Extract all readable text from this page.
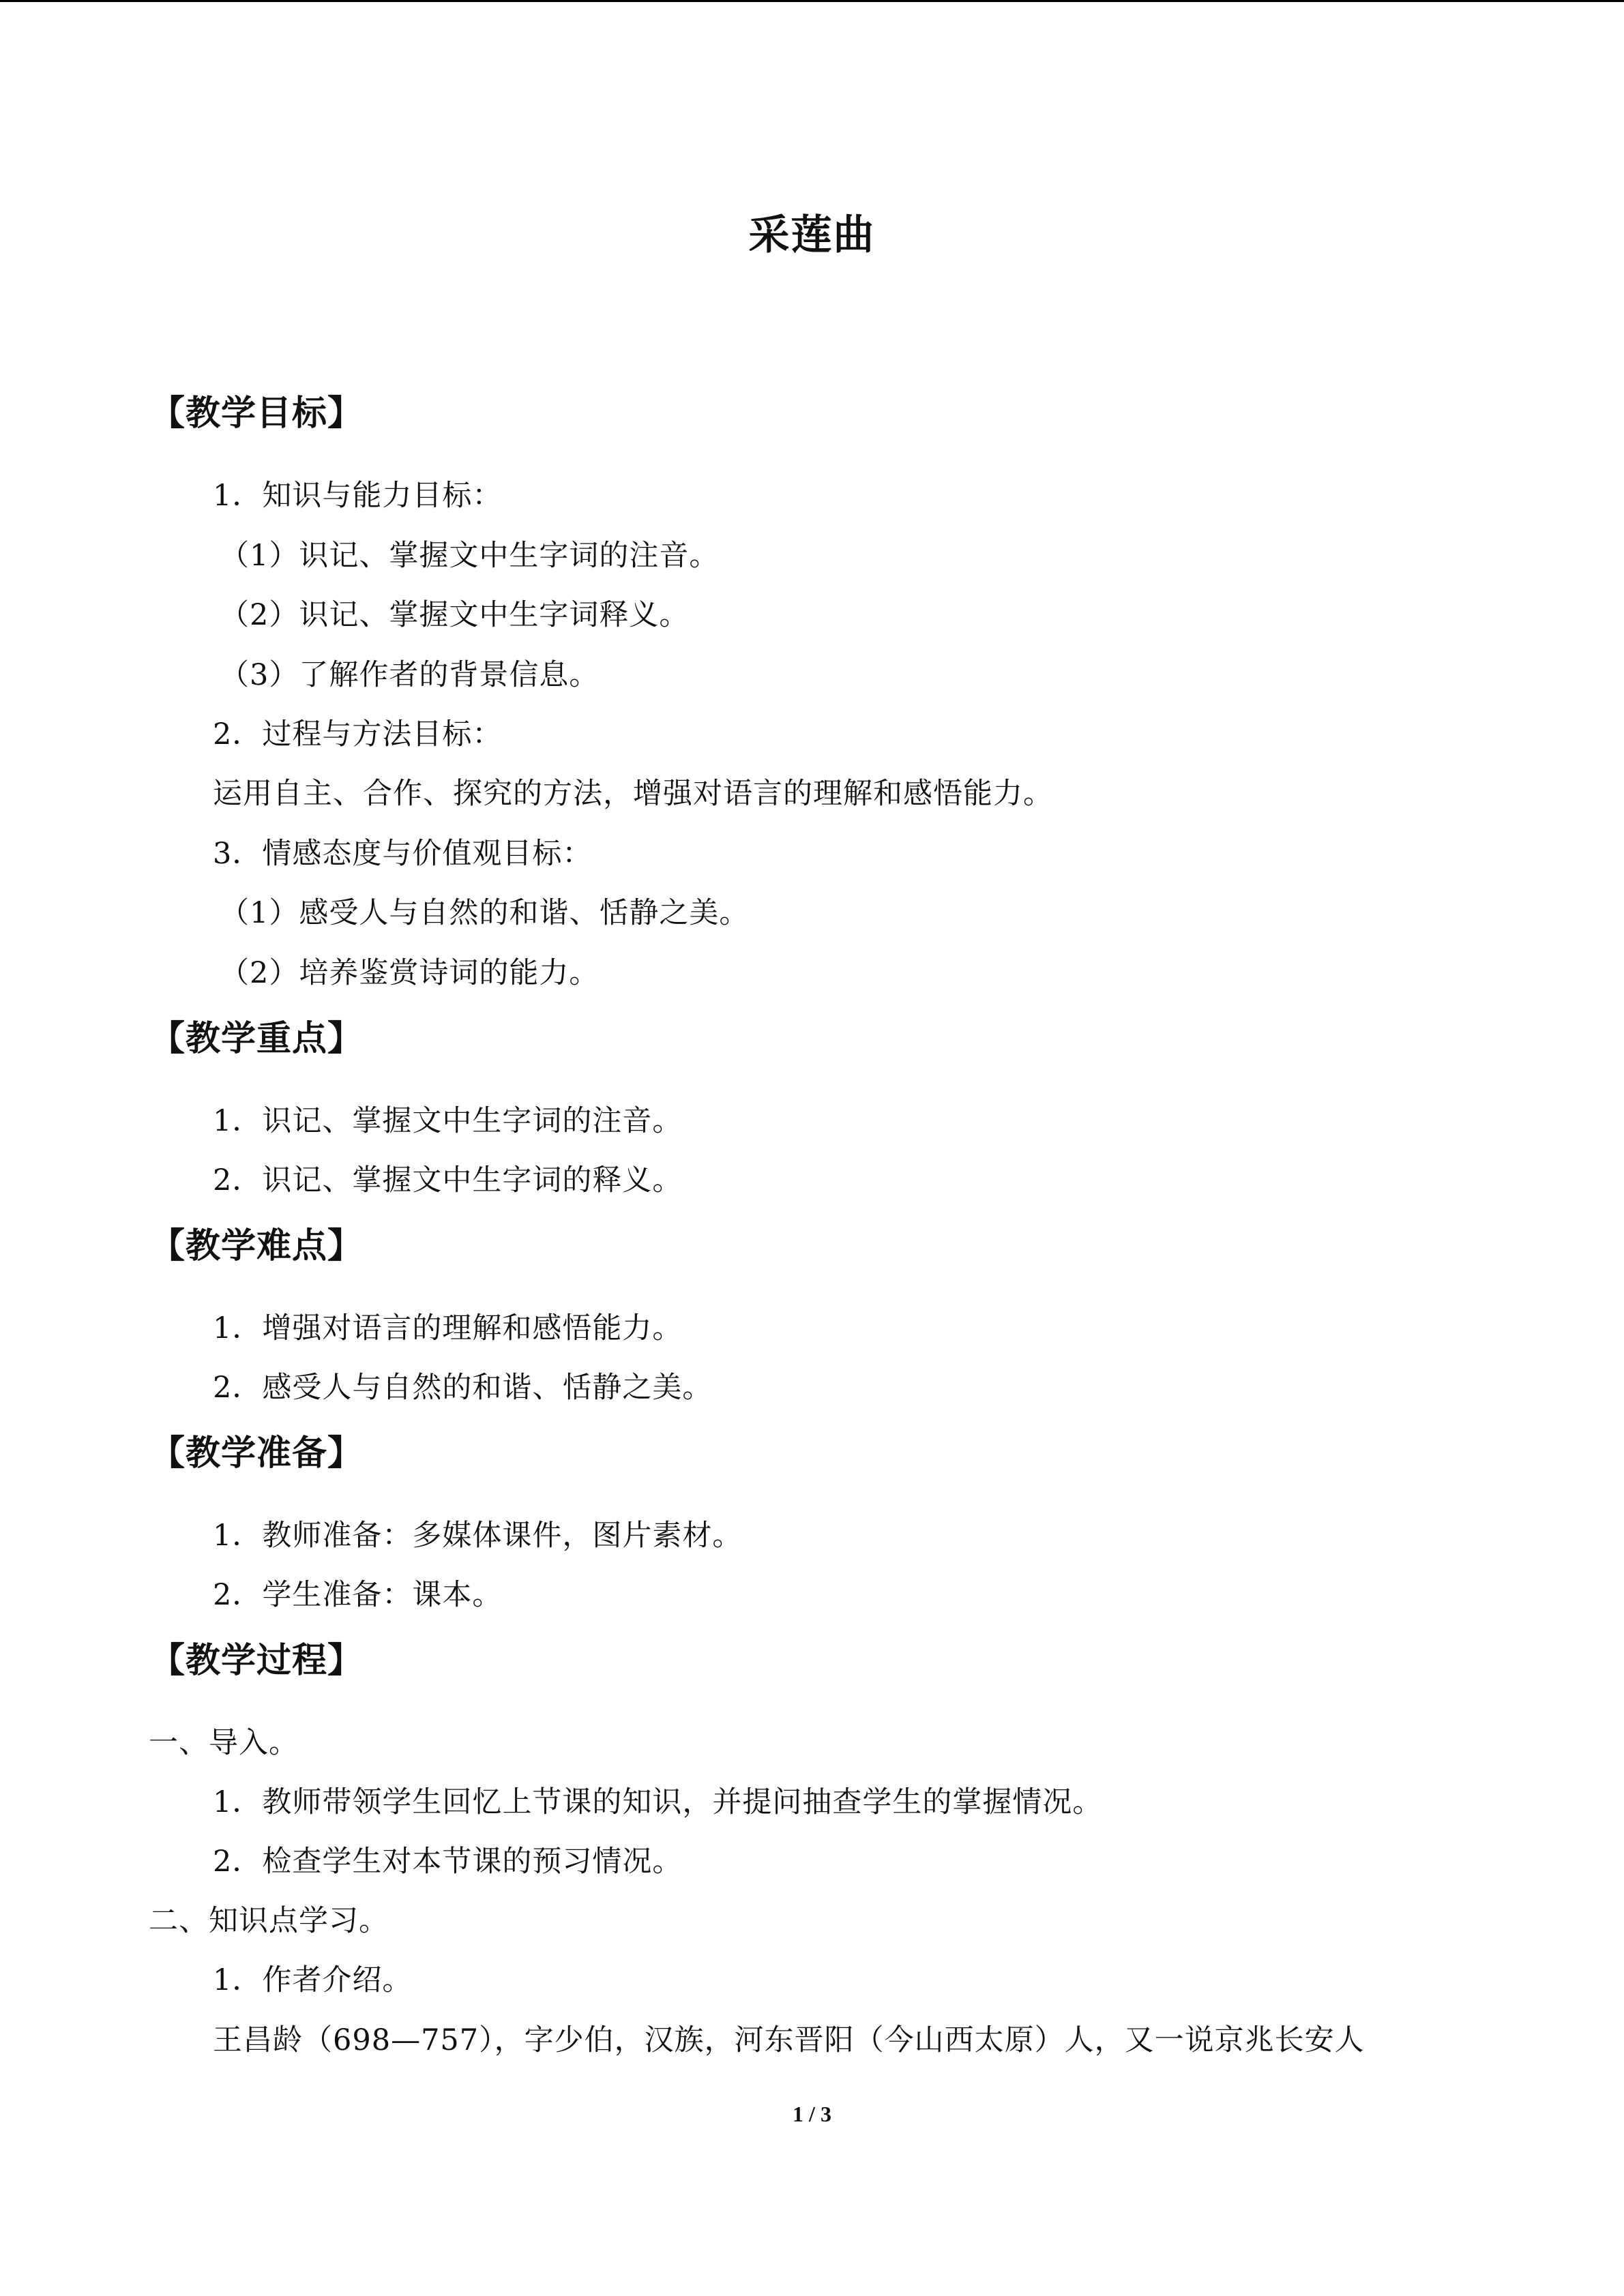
采莲曲
【教学目标】
1．知识与能力目标：
（1）识记、掌握文中生字词的注音。
（2）识记、掌握文中生字词释义。
（3）了解作者的背景信息。
2．过程与方法目标：
运用自主、合作、探究的方法，增强对语言的理解和感悟能力。
3．情感态度与价值观目标：
（1）感受人与自然的和谐、恬静之美。
（2）培养鉴赏诗词的能力。
【教学重点】
1．识记、掌握文中生字词的注音。
2．识记、掌握文中生字词的释义。
【教学难点】
1．增强对语言的理解和感悟能力。
2．感受人与自然的和谐、恬静之美。
【教学准备】
1．教师准备：多媒体课件，图片素材。
2．学生准备：课本。
【教学过程】
一、导入。
1．教师带领学生回忆上节课的知识，并提问抽查学生的掌握情况。
2．检查学生对本节课的预习情况。
二、知识点学习。
1．作者介绍。
王昌龄（698—757），字少伯，汉族，河东晋阳（今山西太原）人，又一说京兆长安人
1 / 3
